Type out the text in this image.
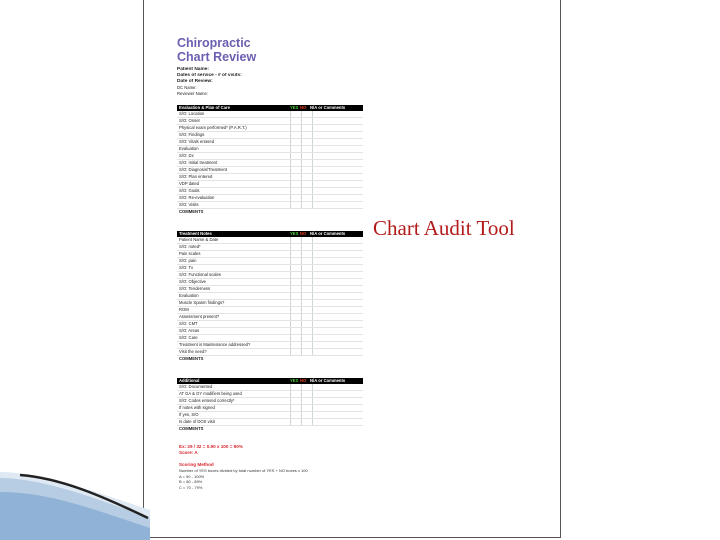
Chiropractic
Chart Review
Patient Name:
Dates of service - # of visits:
Date of Review:
DC Name:
Reviewer Name:
Evaluation & Plan of Care	YES NO N/A or Comments
S/O: Location
S/O: Onset
Physical exam performed* (P.A.R.T.)
S/O: Findings
S/O: Vitals entered
Evaluation
S/O: Dx
S/O: Initial treatment
S/O: Diagnosis/Treatment
S/O: Plan entered
VDP dated
S/O: Goals
S/O: Re-evaluation
S/O: Visits
COMMENTS
Treatment Notes	YES NO N/A or Comments
Patient Name & Date
S/O: noted*
Pain scales
S/O: pain
S/O: Tx
S/O: Functional scales
S/O: Objective
S/O: Tenderness
Evaluation
Muscle Spasm findings?
ROM
Assessment present?
S/O: CMT
S/O: Areas
S/O: Care
Treatment is Maintenance addressed?
Visit the need?
COMMENTS
Additional	YES NO N/A or Comments
S/O: Documented
AT GA & GY modifiers being used
S/O: Codes entered correctly*
If notes with signed
If yes, S/O
Is date of DOS visit
COMMENTS
Ex: 29 / 32 = 0.90 x 100 = 90%
Score: A
Scoring Method
Number of YES boxes divided by total number of YES + NO boxes x 100
A = 90 - 100%
B = 80 - 89%
C = 70 - 79%
Chart Audit Tool
